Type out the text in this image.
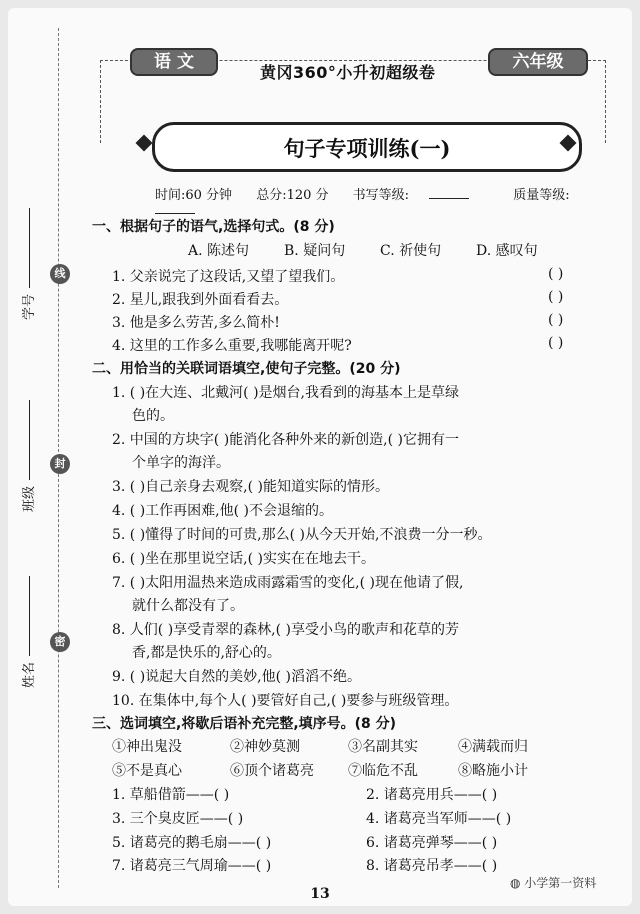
线
封
密
学号
班级
姓名
语 文
黄冈360°小升初超级卷
六年级
句子专项训练(一)
时间:60 分钟 总分:120 分 书写等级:	质量等级:
一、根据句子的语气,选择句式。(8 分)
A. 陈述句 B. 疑问句 C. 祈使句 D. 感叹句
1. 父亲说完了这段话,又望了望我们。	( )
2. 星儿,跟我到外面看看去。	( )
3. 他是多么劳苦,多么简朴!	( )
4. 这里的工作多么重要,我哪能离开呢?	( )
二、用恰当的关联词语填空,使句子完整。(20 分)
1. ( )在大连、北戴河( )是烟台,我看到的海基本上是草绿
色的。
2. 中国的方块字( )能消化各种外来的新创造,( )它拥有一
个单字的海洋。
3. ( )自己亲身去观察,( )能知道实际的情形。
4. ( )工作再困难,他( )不会退缩的。
5. ( )懂得了时间的可贵,那么( )从今天开始,不浪费一分一秒。
6. ( )坐在那里说空话,( )实实在在地去干。
7. ( )太阳用温热来造成雨露霜雪的变化,( )现在他请了假,
就什么都没有了。
8. 人们( )享受青翠的森林,( )享受小鸟的歌声和花草的芳
香,都是快乐的,舒心的。
9. ( )说起大自然的美妙,他( )滔滔不绝。
10. 在集体中,每个人( )要管好自己,( )要参与班级管理。
三、选词填空,将歇后语补充完整,填序号。(8 分)
①神出鬼没	②神妙莫测	③名副其实	④满载而归
⑤不是真心	⑥顶个诸葛亮 ⑦临危不乱	⑧略施小计
1. 草船借箭——( )	2. 诸葛亮用兵——( )
3. 三个臭皮匠——( )	4. 诸葛亮当军师——( )
5. 诸葛亮的鹅毛扇——( )	6. 诸葛亮弹琴——( )
7. 诸葛亮三气周瑜——( )	8. 诸葛亮吊孝——( )
13
◍ 小学第一资料
